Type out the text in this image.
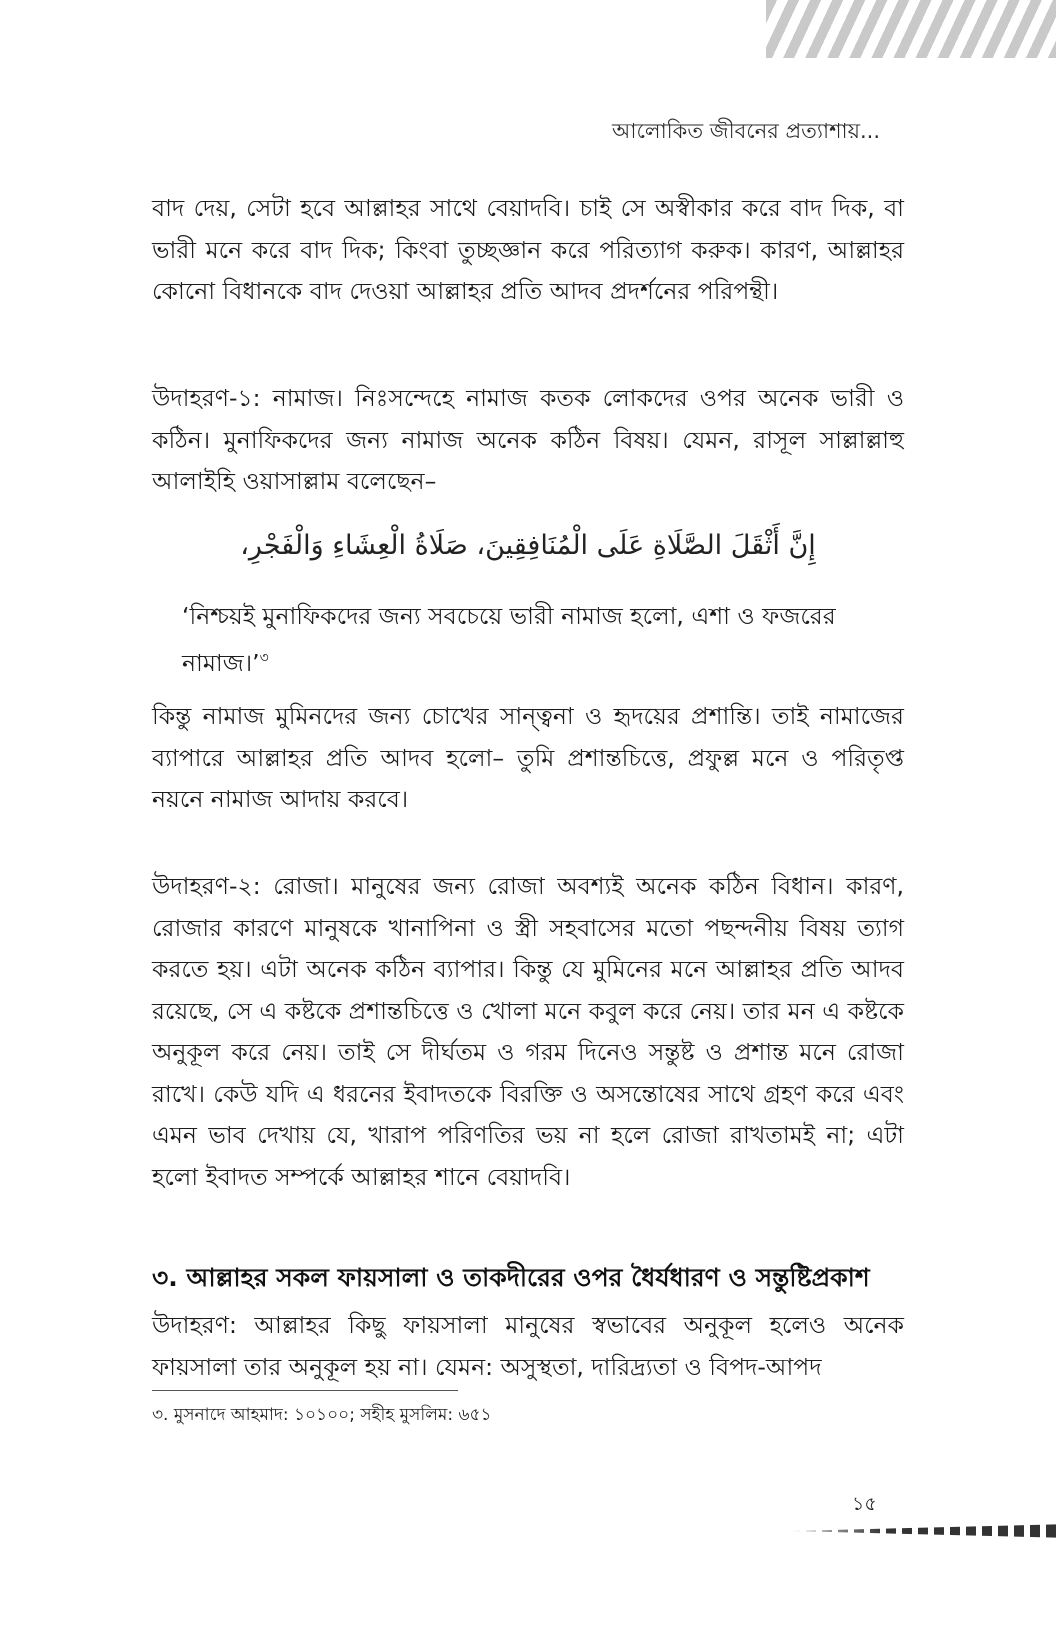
আলোকিত জীবনের প্রত্যাশায়...

বাদ দেয়, সেটা হবে আল্লাহর সাথে বেয়াদবি। চাই সে অস্বীকার করে বাদ দিক, বা ভারী মনে করে বাদ দিক; কিংবা তুচ্ছজ্ঞান করে পরিত্যাগ করুক। কারণ, আল্লাহর কোনো বিধানকে বাদ দেওয়া আল্লাহর প্রতি আদব প্রদর্শনের পরিপন্থী।

উদাহরণ-১: নামাজ। নিঃসন্দেহে নামাজ কতক লোকদের ওপর অনেক ভারী ও কঠিন। মুনাফিকদের জন্য নামাজ অনেক কঠিন বিষয়। যেমন, রাসূল সাল্লাল্লাহু আলাইহি ওয়াসাল্লাম বলেছেন–

إِنَّ أَثْقَلَ الصَّلَاةِ عَلَى الْمُنَافِقِينَ، صَلَاةُ الْعِشَاءِ وَالْفَجْرِ،

‘নিশ্চয়ই মুনাফিকদের জন্য সবচেয়ে ভারী নামাজ হলো, এশা ও ফজরের নামাজ।’$^৩$

কিন্তু নামাজ মুমিনদের জন্য চোখের সান্ত্বনা ও হৃদয়ের প্রশান্তি। তাই নামাজের ব্যাপারে আল্লাহর প্রতি আদব হলো– তুমি প্রশান্তচিত্তে, প্রফুল্ল মনে ও পরিতৃপ্ত নয়নে নামাজ আদায় করবে।

উদাহরণ-২: রোজা। মানুষের জন্য রোজা অবশ্যই অনেক কঠিন বিধান। কারণ, রোজার কারণে মানুষকে খানাপিনা ও স্ত্রী সহবাসের মতো পছন্দনীয় বিষয় ত্যাগ করতে হয়। এটা অনেক কঠিন ব্যাপার। কিন্তু যে মুমিনের মনে আল্লাহর প্রতি আদব রয়েছে, সে এ কষ্টকে প্রশান্তচিত্তে ও খোলা মনে কবুল করে নেয়। তার মন এ কষ্টকে অনুকূল করে নেয়। তাই সে দীর্ঘতম ও গরম দিনেও সন্তুষ্ট ও প্রশান্ত মনে রোজা রাখে। কেউ যদি এ ধরনের ইবাদতকে বিরক্তি ও অসন্তোষের সাথে গ্রহণ করে এবং এমন ভাব দেখায় যে, খারাপ পরিণতির ভয় না হলে রোজা রাখতামই না; এটা হলো ইবাদত সম্পর্কে আল্লাহর শানে বেয়াদবি।

৩. আল্লাহর সকল ফায়সালা ও তাকদীরের ওপর ধৈর্যধারণ ও সন্তুষ্টিপ্রকাশ

উদাহরণ: আল্লাহর কিছু ফায়সালা মানুষের স্বভাবের অনুকূল হলেও অনেক ফায়সালা তার অনুকূল হয় না। যেমন: অসুস্থতা, দারিদ্র্যতা ও বিপদ-আপদ

৩. মুসনাদে আহমাদ: ১০১০০; সহীহ মুসলিম: ৬৫১

১৫
